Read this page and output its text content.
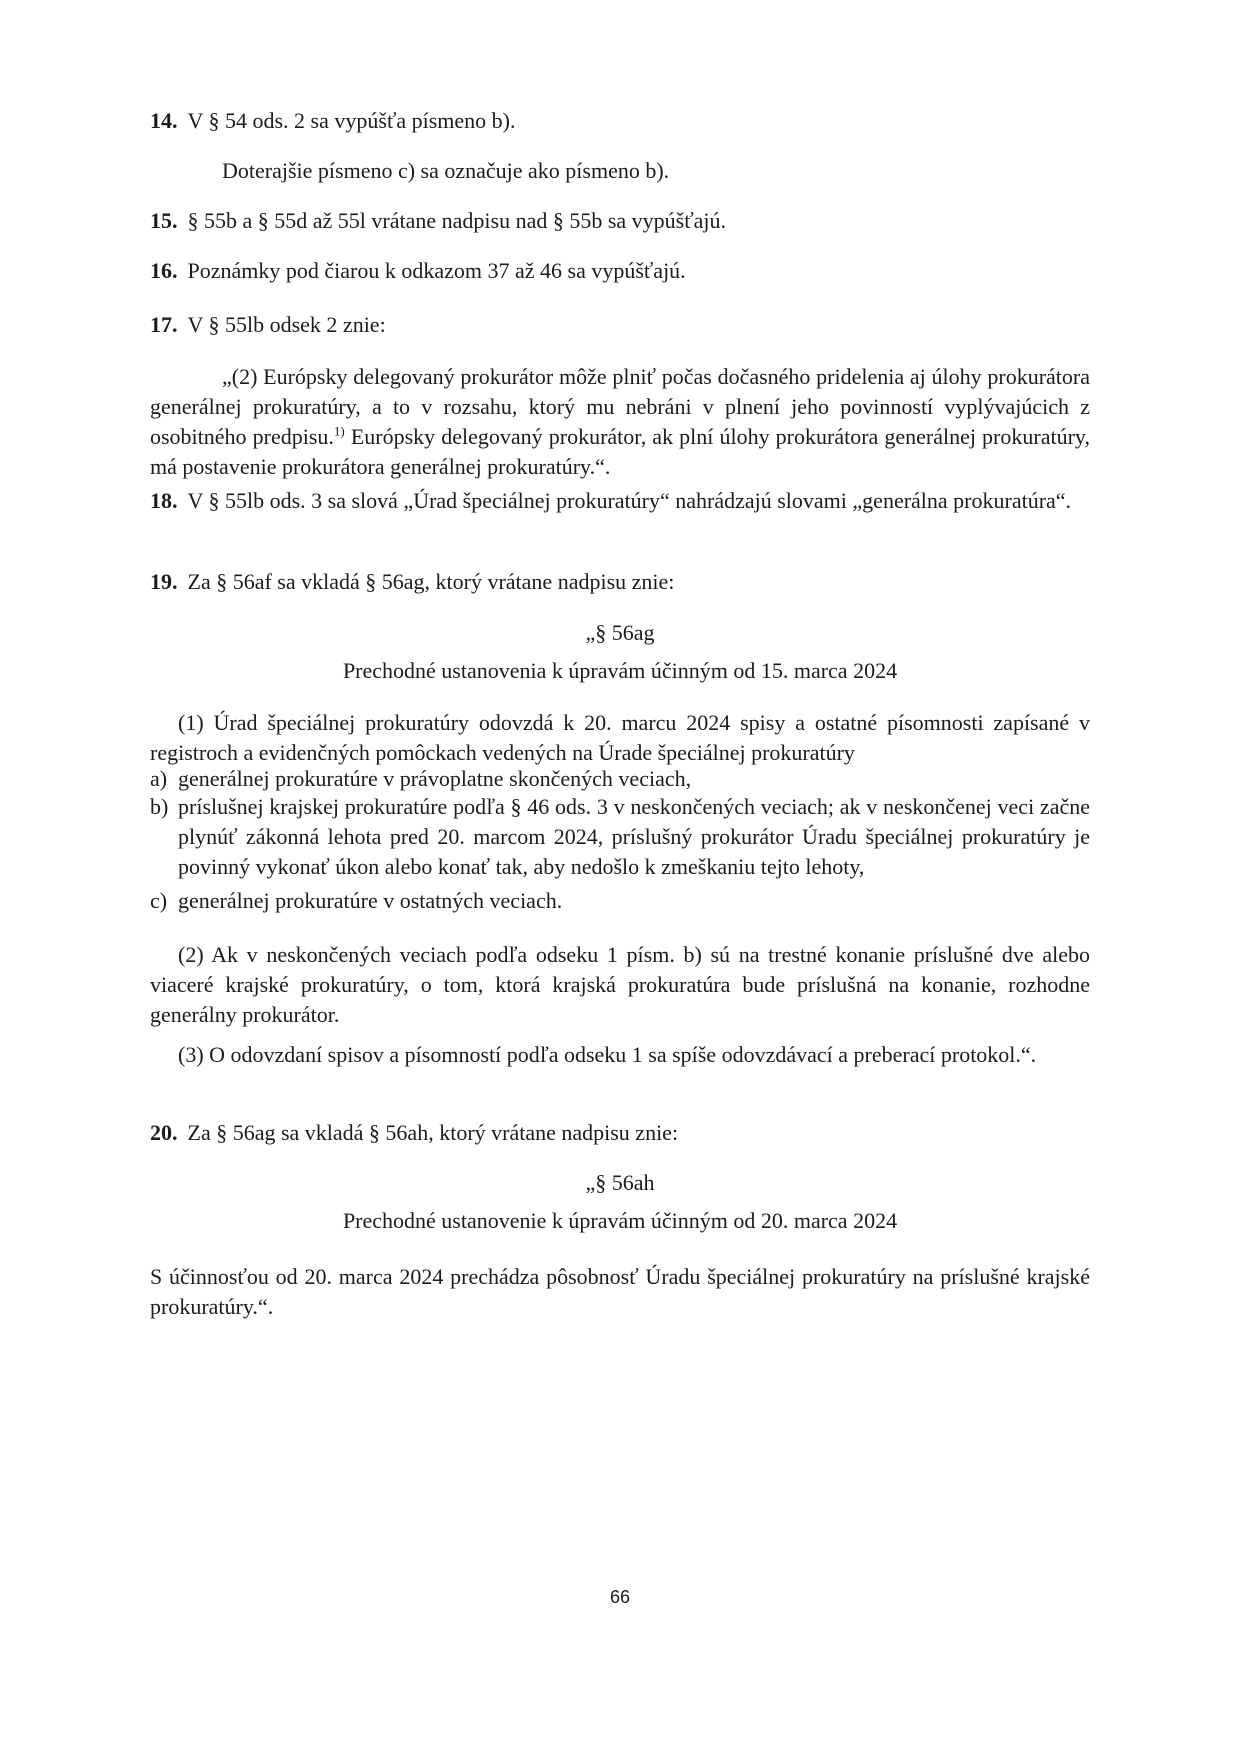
14. V § 54 ods. 2 sa vypúšťa písmeno b).
Doterajšie písmeno c) sa označuje ako písmeno b).
15. § 55b a § 55d až 55l vrátane nadpisu nad § 55b sa vypúšťajú.
16. Poznámky pod čiarou k odkazom 37 až 46 sa vypúšťajú.
17. V § 55lb odsek 2 znie:
„(2) Európsky delegovaný prokurátor môže plniť počas dočasného pridelenia aj úlohy prokurátora generálnej prokuratúry, a to v rozsahu, ktorý mu nebráni v plnení jeho povinností vyplývajúcich z osobitného predpisu.$^{1)}$ Európsky delegovaný prokurátor, ak plní úlohy prokurátora generálnej prokuratúry, má postavenie prokurátora generálnej prokuratúry.“.
18. V § 55lb ods. 3 sa slová „Úrad špeciálnej prokuratúry“ nahrádzajú slovami „generálna prokuratúra“.
19. Za § 56af sa vkladá § 56ag, ktorý vrátane nadpisu znie:
„§ 56ag
Prechodné ustanovenia k úpravám účinným od 15. marca 2024
(1) Úrad špeciálnej prokuratúry odovzdá k 20. marcu 2024 spisy a ostatné písomnosti zapísané v registroch a evidenčných pomôckach vedených na Úrade špeciálnej prokuratúry
a) generálnej prokuratúre v právoplatne skončených veciach,
b) príslušnej krajskej prokuratúre podľa § 46 ods. 3 v neskončených veciach; ak v neskončenej veci začne plynúť zákonná lehota pred 20. marcom 2024, príslušný prokurátor Úradu špeciálnej prokuratúry je povinný vykonať úkon alebo konať tak, aby nedošlo k zmeškaniu tejto lehoty,
c) generálnej prokuratúre v ostatných veciach.
(2) Ak v neskončených veciach podľa odseku 1 písm. b) sú na trestné konanie príslušné dve alebo viaceré krajské prokuratúry, o tom, ktorá krajská prokuratúra bude príslušná na konanie, rozhodne generálny prokurátor.
(3) O odovzdaní spisov a písomností podľa odseku 1 sa spíše odovzdávací a preberací protokol.“.
20. Za § 56ag sa vkladá § 56ah, ktorý vrátane nadpisu znie:
„§ 56ah
Prechodné ustanovenie k úpravám účinným od 20. marca 2024
S účinnosťou od 20. marca 2024 prechádza pôsobnosť Úradu špeciálnej prokuratúry na príslušné krajské prokuratúry.“.
66
